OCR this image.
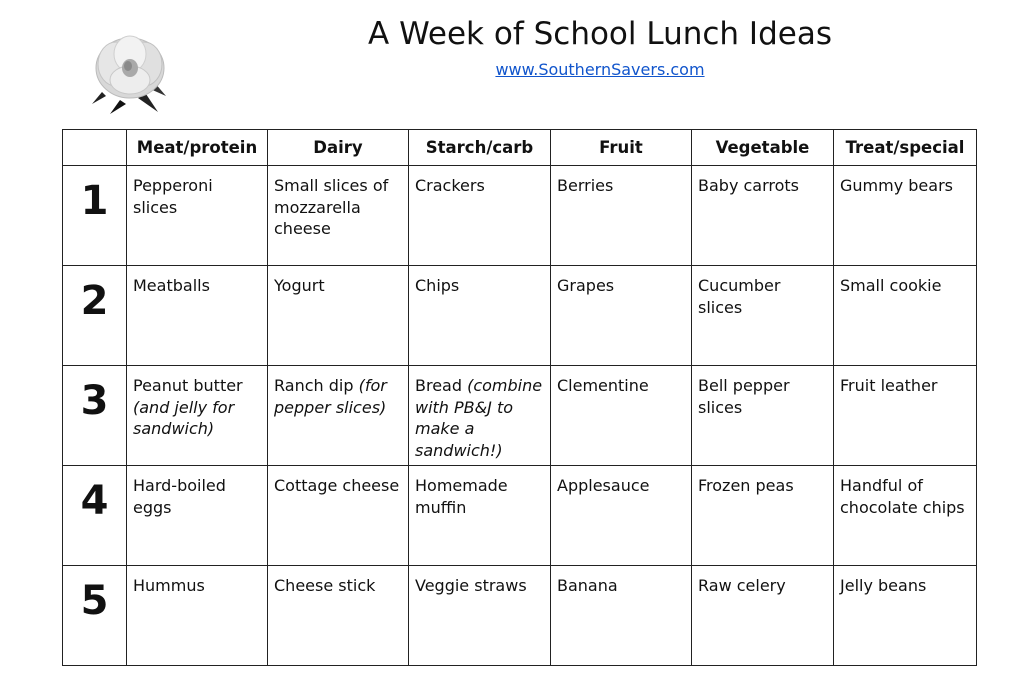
A Week of School Lunch Ideas
www.SouthernSavers.com
	Meat/protein	Dairy	Starch/carb	Fruit	Vegetable	Treat/special
1	Pepperoni slices	Small slices of mozzarella cheese	Crackers	Berries	Baby carrots	Gummy bears
2	Meatballs	Yogurt	Chips	Grapes	Cucumber slices	Small cookie
3	Peanut butter (and jelly for sandwich)	Ranch dip (for pepper slices)	Bread (combine with PB&J to make a sandwich!)	Clementine	Bell pepper slices	Fruit leather
4	Hard-boiled eggs	Cottage cheese	Homemade muffin	Applesauce	Frozen peas	Handful of chocolate chips
5	Hummus	Cheese stick	Veggie straws	Banana	Raw celery	Jelly beans
